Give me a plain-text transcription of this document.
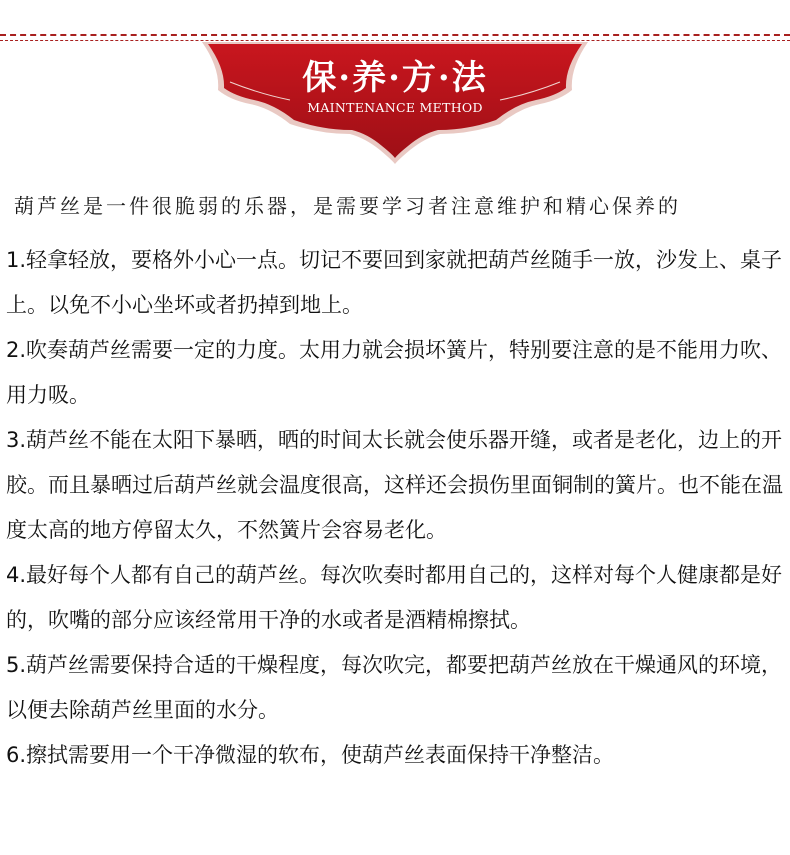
保·养·方·法
MAINTENANCE METHOD
葫芦丝是一件很脆弱的乐器，是需要学习者注意维护和精心保养的

1.轻拿轻放，要格外小心一点。切记不要回到家就把葫芦丝随手一放，沙发上、桌子上。以免不小心坐坏或者扔掉到地上。

2.吹奏葫芦丝需要一定的力度。太用力就会损坏簧片，特别要注意的是不能用力吹、用力吸。

3.葫芦丝不能在太阳下暴晒，晒的时间太长就会使乐器开缝，或者是老化，边上的开胶。而且暴晒过后葫芦丝就会温度很高，这样还会损伤里面铜制的簧片。也不能在温度太高的地方停留太久，不然簧片会容易老化。

4.最好每个人都有自己的葫芦丝。每次吹奏时都用自己的，这样对每个人健康都是好的，吹嘴的部分应该经常用干净的水或者是酒精棉擦拭。

5.葫芦丝需要保持合适的干燥程度，每次吹完，都要把葫芦丝放在干燥通风的环境，以便去除葫芦丝里面的水分。

6.擦拭需要用一个干净微湿的软布，使葫芦丝表面保持干净整洁。
